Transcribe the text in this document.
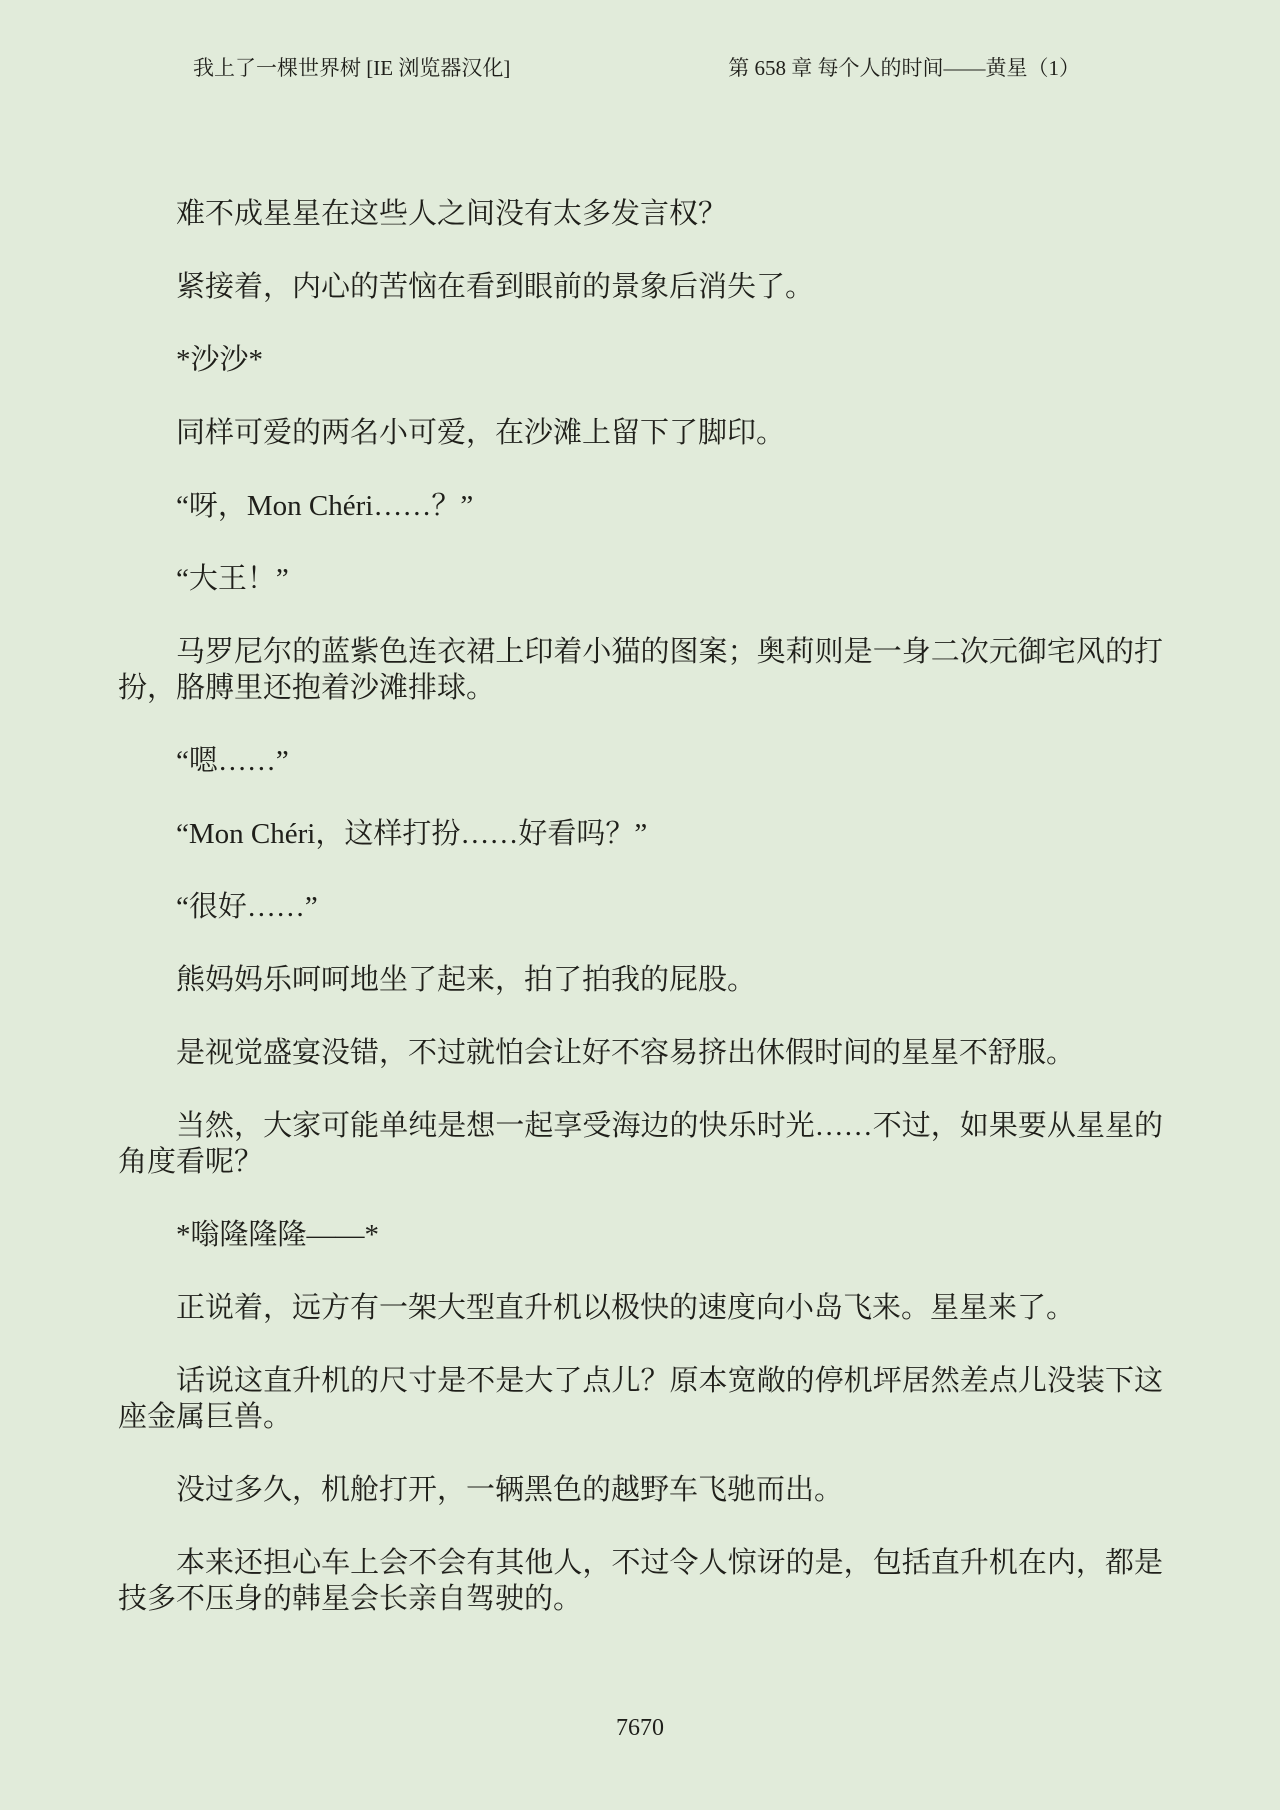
我上了一棵世界树 [IE 浏览器汉化]	第 658 章 每个人的时间——黄星（1）

难不成星星在这些人之间没有太多发言权？

紧接着，内心的苦恼在看到眼前的景象后消失了。

*沙沙*

同样可爱的两名小可爱，在沙滩上留下了脚印。

“呀，Mon Chéri……？”

“大王！”

马罗尼尔的蓝紫色连衣裙上印着小猫的图案；奥莉则是一身二次元御宅风的打扮，胳膊里还抱着沙滩排球。

“嗯……”

“Mon Chéri，这样打扮……好看吗？”

“很好……”

熊妈妈乐呵呵地坐了起来，拍了拍我的屁股。

是视觉盛宴没错，不过就怕会让好不容易挤出休假时间的星星不舒服。

当然，大家可能单纯是想一起享受海边的快乐时光……不过，如果要从星星的角度看呢？

*嗡隆隆隆——*

正说着，远方有一架大型直升机以极快的速度向小岛飞来。星星来了。

话说这直升机的尺寸是不是大了点儿？原本宽敞的停机坪居然差点儿没装下这座金属巨兽。

没过多久，机舱打开，一辆黑色的越野车飞驰而出。

本来还担心车上会不会有其他人，不过令人惊讶的是，包括直升机在内，都是技多不压身的韩星会长亲自驾驶的。

7670
